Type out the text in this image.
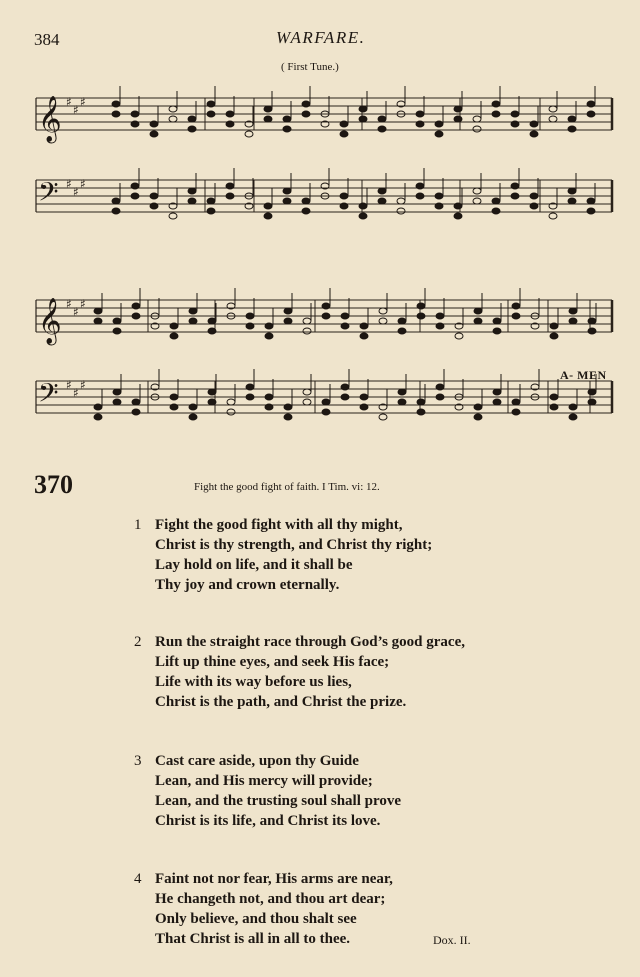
384	WARFARE.
( First Tune.)
𝄞 ♯
♯
♯
𝄢 ♯
♯
♯
𝄞 ♯
♯
♯
𝄢 ♯
♯
♯
A- MEN
370	Fight the good fight of faith. I Tim. vi: 12.
1 Fight the good fight with all thy might,
Christ is thy strength, and Christ thy right;
Lay hold on life, and it shall be
Thy joy and crown eternally.
2 Run the straight race through God’s good grace,
Lift up thine eyes, and seek His face;
Life with its way before us lies,
Christ is the path, and Christ the prize.
3 Cast care aside, upon thy Guide
Lean, and His mercy will provide;
Lean, and the trusting soul shall prove
Christ is its life, and Christ its love.
4 Faint not nor fear, His arms are near,
He changeth not, and thou art dear;
Only believe, and thou shalt see
That Christ is all in all to thee.	Dox. II.
